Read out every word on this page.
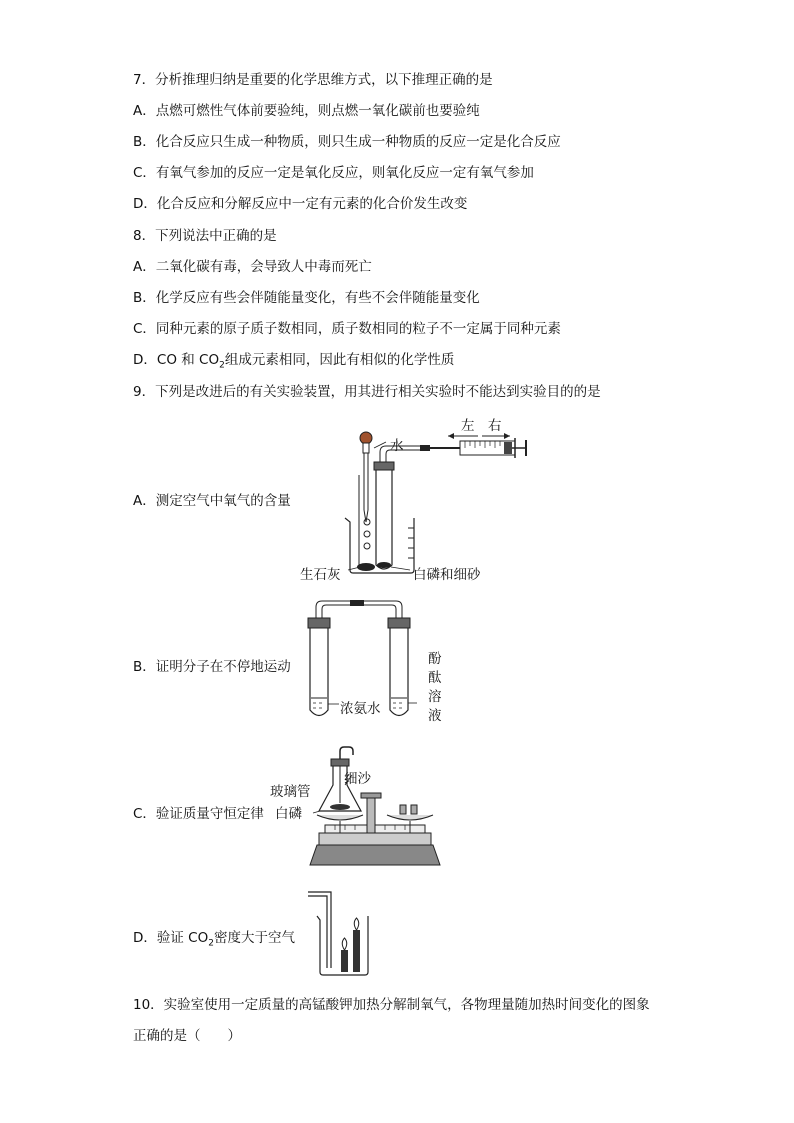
7．分析推理归纳是重要的化学思维方式，以下推理正确的是
A．点燃可燃性气体前要验纯，则点燃一氧化碳前也要验纯
B．化合反应只生成一种物质，则只生成一种物质的反应一定是化合反应
C．有氧气参加的反应一定是氧化反应，则氧化反应一定有氧气参加
D．化合反应和分解反应中一定有元素的化合价发生改变
8．下列说法中正确的是
A．二氧化碳有毒，会导致人中毒而死亡
B．化学反应有些会伴随能量变化，有些不会伴随能量变化
C．同种元素的原子质子数相同，质子数相同的粒子不一定属于同种元素
D．CO 和 $CO_2$组成元素相同，因此有相似的化学性质
9．下列是改进后的有关实验装置，用其进行相关实验时不能达到实验目的的是
A．测定空气中氧气的含量
水
左 右
生石灰	白磷和细砂
B．证明分子在不停地运动
浓氨水
酚
酞
溶
液
C．验证质量守恒定律
玻璃管
细沙
白磷
D．验证 $CO_2$密度大于空气
10．实验室使用一定质量的高锰酸钾加热分解制氧气，各物理量随加热时间变化的图象
正确的是（　　）
